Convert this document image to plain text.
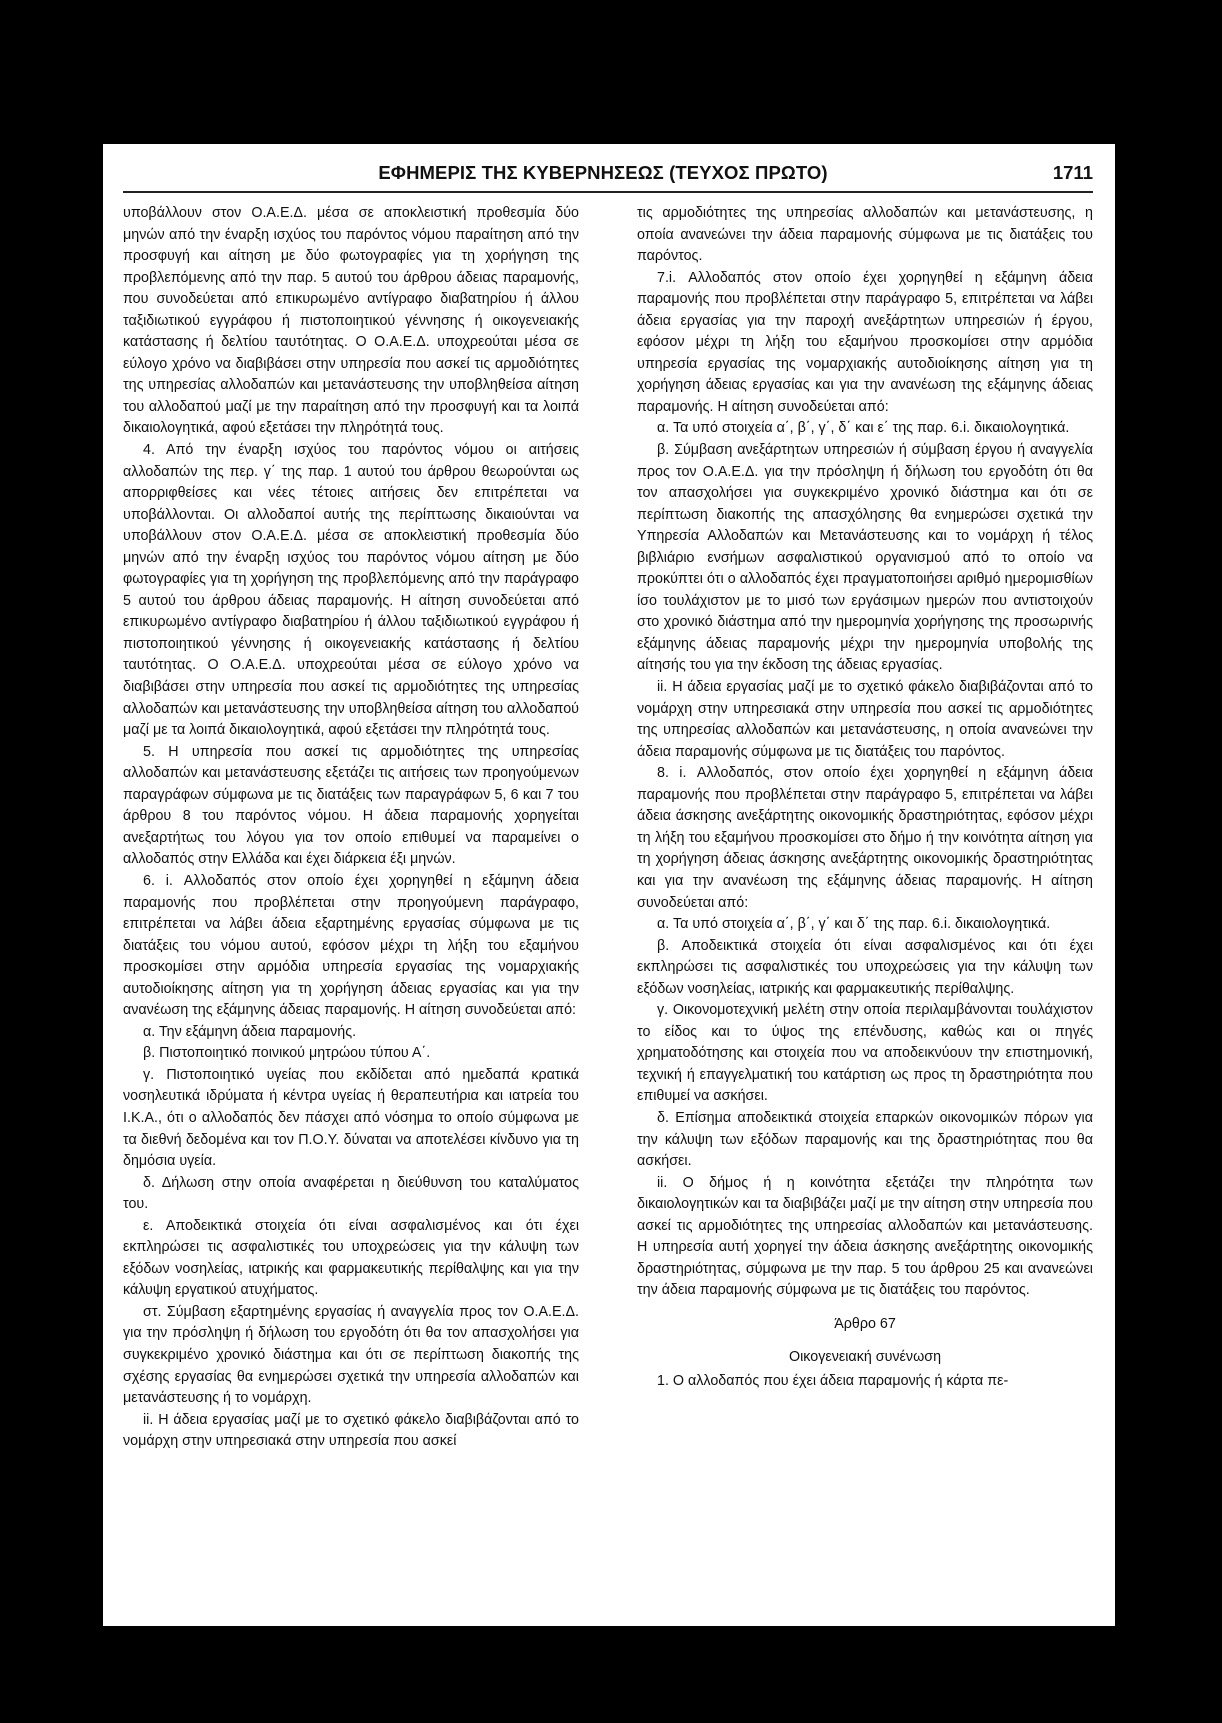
ΕΦΗΜΕΡΙΣ ΤΗΣ ΚΥΒΕΡΝΗΣΕΩΣ (ΤΕΥΧΟΣ ΠΡΩΤΟ)	1711

υποβάλλουν στον Ο.Α.Ε.Δ. μέσα σε αποκλειστική προθεσμία δύο μηνών από την έναρξη ισχύος του παρόντος νόμου παραίτηση από την προσφυγή και αίτηση με δύο φωτογραφίες για τη χορήγηση της προβλεπόμενης από την παρ. 5 αυτού του άρθρου άδειας παραμονής, που συνοδεύεται από επικυρωμένο αντίγραφο διαβατηρίου ή άλλου ταξιδιωτικού εγγράφου ή πιστοποιητικού γέννησης ή οικογενειακής κατάστασης ή δελτίου ταυτότητας. Ο Ο.Α.Ε.Δ. υποχρεούται μέσα σε εύλογο χρόνο να διαβιβάσει στην υπηρεσία που ασκεί τις αρμοδιότητες της υπηρεσίας αλλοδαπών και μετανάστευσης την υποβληθείσα αίτηση του αλλοδαπού μαζί με την παραίτηση από την προσφυγή και τα λοιπά δικαιολογητικά, αφού εξετάσει την πληρότητά τους.

4. Από την έναρξη ισχύος του παρόντος νόμου οι αιτήσεις αλλοδαπών της περ. γ΄ της παρ. 1 αυτού του άρθρου θεωρούνται ως απορριφθείσες και νέες τέτοιες αιτήσεις δεν επιτρέπεται να υποβάλλονται. Οι αλλοδαποί αυτής της περίπτωσης δικαιούνται να υποβάλλουν στον Ο.Α.Ε.Δ. μέσα σε αποκλειστική προθεσμία δύο μηνών από την έναρξη ισχύος του παρόντος νόμου αίτηση με δύο φωτογραφίες για τη χορήγηση της προβλεπόμενης από την παράγραφο 5 αυτού του άρθρου άδειας παραμονής. Η αίτηση συνοδεύεται από επικυρωμένο αντίγραφο διαβατηρίου ή άλλου ταξιδιωτικού εγγράφου ή πιστοποιητικού γέννησης ή οικογενειακής κατάστασης ή δελτίου ταυτότητας. Ο Ο.Α.Ε.Δ. υποχρεούται μέσα σε εύλογο χρόνο να διαβιβάσει στην υπηρεσία που ασκεί τις αρμοδιότητες της υπηρεσίας αλλοδαπών και μετανάστευσης την υποβληθείσα αίτηση του αλλοδαπού μαζί με τα λοιπά δικαιολογητικά, αφού εξετάσει την πληρότητά τους.

5. Η υπηρεσία που ασκεί τις αρμοδιότητες της υπηρεσίας αλλοδαπών και μετανάστευσης εξετάζει τις αιτήσεις των προηγούμενων παραγράφων σύμφωνα με τις διατάξεις των παραγράφων 5, 6 και 7 του άρθρου 8 του παρόντος νόμου. Η άδεια παραμονής χορηγείται ανεξαρτήτως του λόγου για τον οποίο επιθυμεί να παραμείνει ο αλλοδαπός στην Ελλάδα και έχει διάρκεια έξι μηνών.

6. i. Αλλοδαπός στον οποίο έχει χορηγηθεί η εξάμηνη άδεια παραμονής που προβλέπεται στην προηγούμενη παράγραφο, επιτρέπεται να λάβει άδεια εξαρτημένης εργασίας σύμφωνα με τις διατάξεις του νόμου αυτού, εφόσον μέχρι τη λήξη του εξαμήνου προσκομίσει στην αρμόδια υπηρεσία εργασίας της νομαρχιακής αυτοδιοίκησης αίτηση για τη χορήγηση άδειας εργασίας και για την ανανέωση της εξάμηνης άδειας παραμονής. Η αίτηση συνοδεύεται από:

α. Την εξάμηνη άδεια παραμονής.

β. Πιστοποιητικό ποινικού μητρώου τύπου Α΄.

γ. Πιστοποιητικό υγείας που εκδίδεται από ημεδαπά κρατικά νοσηλευτικά ιδρύματα ή κέντρα υγείας ή θεραπευτήρια και ιατρεία του Ι.Κ.Α., ότι ο αλλοδαπός δεν πάσχει από νόσημα το οποίο σύμφωνα με τα διεθνή δεδομένα και τον Π.Ο.Υ. δύναται να αποτελέσει κίνδυνο για τη δημόσια υγεία.

δ. Δήλωση στην οποία αναφέρεται η διεύθυνση του καταλύματος του.

ε. Αποδεικτικά στοιχεία ότι είναι ασφαλισμένος και ότι έχει εκπληρώσει τις ασφαλιστικές του υποχρεώσεις για την κάλυψη των εξόδων νοσηλείας, ιατρικής και φαρμακευτικής περίθαλψης και για την κάλυψη εργατικού ατυχήματος.

στ. Σύμβαση εξαρτημένης εργασίας ή αναγγελία προς τον Ο.Α.Ε.Δ. για την πρόσληψη ή δήλωση του εργοδότη ότι θα τον απασχολήσει για συγκεκριμένο χρονικό διάστημα και ότι σε περίπτωση διακοπής της σχέσης εργασίας θα ενημερώσει σχετικά την υπηρεσία αλλοδαπών και μετανάστευσης ή το νομάρχη.

ii. Η άδεια εργασίας μαζί με το σχετικό φάκελο διαβιβάζονται από το νομάρχη στην υπηρεσιακά στην υπηρεσία που ασκεί

τις αρμοδιότητες της υπηρεσίας αλλοδαπών και μετανάστευσης, η οποία ανανεώνει την άδεια παραμονής σύμφωνα με τις διατάξεις του παρόντος.

7.i. Αλλοδαπός στον οποίο έχει χορηγηθεί η εξάμηνη άδεια παραμονής που προβλέπεται στην παράγραφο 5, επιτρέπεται να λάβει άδεια εργασίας για την παροχή ανεξάρτητων υπηρεσιών ή έργου, εφόσον μέχρι τη λήξη του εξαμήνου προσκομίσει στην αρμόδια υπηρεσία εργασίας της νομαρχιακής αυτοδιοίκησης αίτηση για τη χορήγηση άδειας εργασίας και για την ανανέωση της εξάμηνης άδειας παραμονής. Η αίτηση συνοδεύεται από:

α. Τα υπό στοιχεία α΄, β΄, γ΄, δ΄ και ε΄ της παρ. 6.i. δικαιολογητικά.

β. Σύμβαση ανεξάρτητων υπηρεσιών ή σύμβαση έργου ή αναγγελία προς τον Ο.Α.Ε.Δ. για την πρόσληψη ή δήλωση του εργοδότη ότι θα τον απασχολήσει για συγκεκριμένο χρονικό διάστημα και ότι σε περίπτωση διακοπής της απασχόλησης θα ενημερώσει σχετικά την Υπηρεσία Αλλοδαπών και Μετανάστευσης και το νομάρχη ή τέλος βιβλιάριο ενσήμων ασφαλιστικού οργανισμού από το οποίο να προκύπτει ότι ο αλλοδαπός έχει πραγματοποιήσει αριθμό ημερομισθίων ίσο τουλάχιστον με το μισό των εργάσιμων ημερών που αντιστοιχούν στο χρονικό διάστημα από την ημερομηνία χορήγησης της προσωρινής εξάμηνης άδειας παραμονής μέχρι την ημερομηνία υποβολής της αίτησής του για την έκδοση της άδειας εργασίας.

ii. Η άδεια εργασίας μαζί με το σχετικό φάκελο διαβιβάζονται από το νομάρχη στην υπηρεσιακά στην υπηρεσία που ασκεί τις αρμοδιότητες της υπηρεσίας αλλοδαπών και μετανάστευσης, η οποία ανανεώνει την άδεια παραμονής σύμφωνα με τις διατάξεις του παρόντος.

8. i. Αλλοδαπός, στον οποίο έχει χορηγηθεί η εξάμηνη άδεια παραμονής που προβλέπεται στην παράγραφο 5, επιτρέπεται να λάβει άδεια άσκησης ανεξάρτητης οικονομικής δραστηριότητας, εφόσον μέχρι τη λήξη του εξαμήνου προσκομίσει στο δήμο ή την κοινότητα αίτηση για τη χορήγηση άδειας άσκησης ανεξάρτητης οικονομικής δραστηριότητας και για την ανανέωση της εξάμηνης άδειας παραμονής. Η αίτηση συνοδεύεται από:

α. Τα υπό στοιχεία α΄, β΄, γ΄ και δ΄ της παρ. 6.i. δικαιολογητικά.

β. Αποδεικτικά στοιχεία ότι είναι ασφαλισμένος και ότι έχει εκπληρώσει τις ασφαλιστικές του υποχρεώσεις για την κάλυψη των εξόδων νοσηλείας, ιατρικής και φαρμακευτικής περίθαλψης.

γ. Οικονομοτεχνική μελέτη στην οποία περιλαμβάνονται τουλάχιστον το είδος και το ύψος της επένδυσης, καθώς και οι πηγές χρηματοδότησης και στοιχεία που να αποδεικνύουν την επιστημονική, τεχνική ή επαγγελματική του κατάρτιση ως προς τη δραστηριότητα που επιθυμεί να ασκήσει.

δ. Επίσημα αποδεικτικά στοιχεία επαρκών οικονομικών πόρων για την κάλυψη των εξόδων παραμονής και της δραστηριότητας που θα ασκήσει.

ii. Ο δήμος ή η κοινότητα εξετάζει την πληρότητα των δικαιολογητικών και τα διαβιβάζει μαζί με την αίτηση στην υπηρεσία που ασκεί τις αρμοδιότητες της υπηρεσίας αλλοδαπών και μετανάστευσης. Η υπηρεσία αυτή χορηγεί την άδεια άσκησης ανεξάρτητης οικονομικής δραστηριότητας, σύμφωνα με την παρ. 5 του άρθρου 25 και ανανεώνει την άδεια παραμονής σύμφωνα με τις διατάξεις του παρόντος.

Άρθρο 67

Οικογενειακή συνένωση

1. Ο αλλοδαπός που έχει άδεια παραμονής ή κάρτα πε-
